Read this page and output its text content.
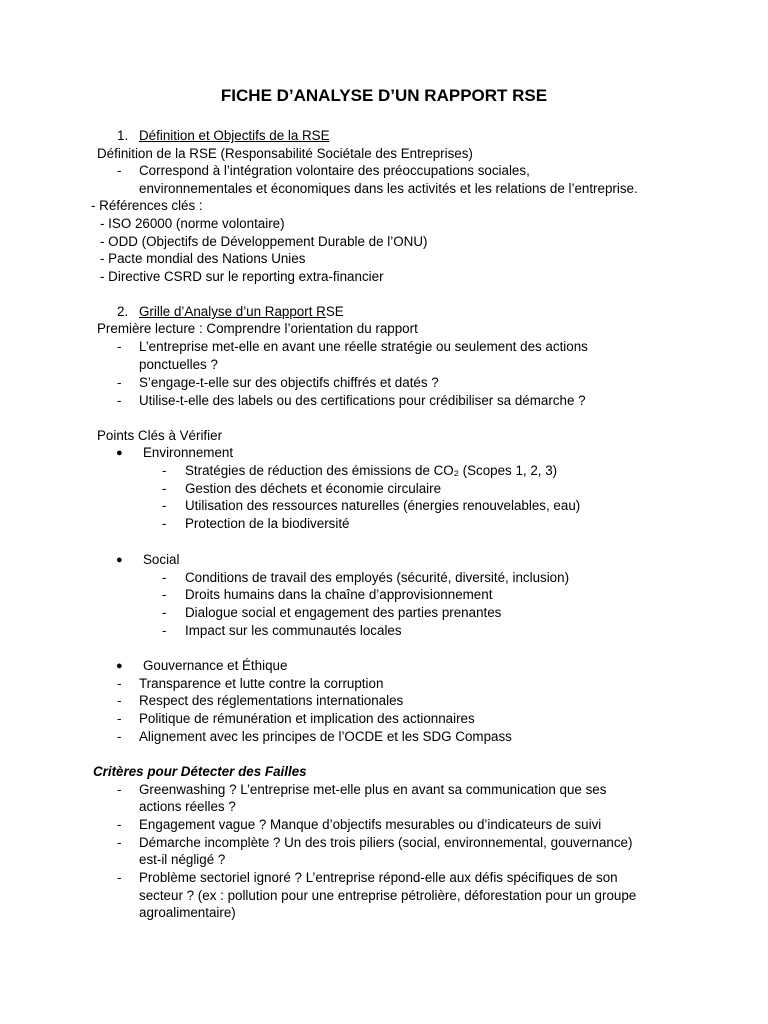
FICHE D’ANALYSE D’UN RAPPORT RSE
1. Définition et Objectifs de la RSE
Définition de la RSE (Responsabilité Sociétale des Entreprises)
- Correspond à l’intégration volontaire des préoccupations sociales,
environnementales et économiques dans les activités et les relations de l’entreprise.
- Références clés :
- ISO 26000 (norme volontaire)
- ODD (Objectifs de Développement Durable de l’ONU)
- Pacte mondial des Nations Unies
- Directive CSRD sur le reporting extra-financier
2. Grille d’Analyse d’un Rapport RSE
Première lecture : Comprendre l’orientation du rapport
- L’entreprise met-elle en avant une réelle stratégie ou seulement des actions
ponctuelles ?
- S’engage-t-elle sur des objectifs chiffrés et datés ?
- Utilise-t-elle des labels ou des certifications pour crédibiliser sa démarche ?
Points Clés à Vérifier
● Environnement
- Stratégies de réduction des émissions de CO₂ (Scopes 1, 2, 3)
- Gestion des déchets et économie circulaire
- Utilisation des ressources naturelles (énergies renouvelables, eau)
- Protection de la biodiversité
● Social
- Conditions de travail des employés (sécurité, diversité, inclusion)
- Droits humains dans la chaîne d’approvisionnement
- Dialogue social et engagement des parties prenantes
- Impact sur les communautés locales
● Gouvernance et Éthique
- Transparence et lutte contre la corruption
- Respect des réglementations internationales
- Politique de rémunération et implication des actionnaires
- Alignement avec les principes de l’OCDE et les SDG Compass
Critères pour Détecter des Failles
- Greenwashing ? L’entreprise met-elle plus en avant sa communication que ses
actions réelles ?
- Engagement vague ? Manque d’objectifs mesurables ou d’indicateurs de suivi
- Démarche incomplète ? Un des trois piliers (social, environnemental, gouvernance)
est-il négligé ?
- Problème sectoriel ignoré ? L’entreprise répond-elle aux défis spécifiques de son
secteur ? (ex : pollution pour une entreprise pétrolière, déforestation pour un groupe
agroalimentaire)
